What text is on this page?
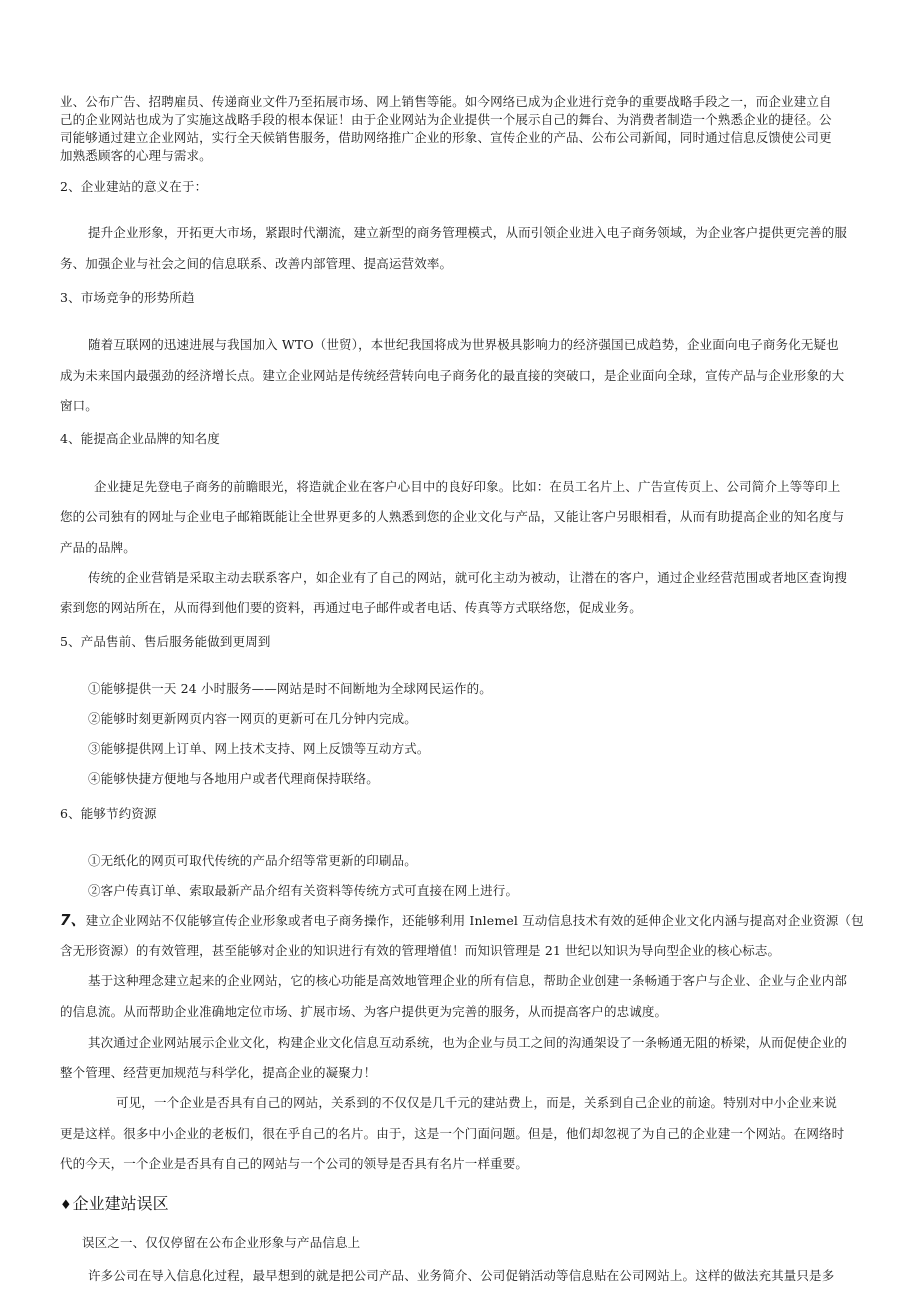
业、公布广告、招聘雇员、传递商业文件乃至拓展市场、网上销售等能。如今网络已成为企业进行竞争的重要战略手段之一，而企业建立自
己的企业网站也成为了实施这战略手段的根本保证！由于企业网站为企业提供一个展示自己的舞台、为消费者制造一个熟悉企业的捷径。公
司能够通过建立企业网站，实行全天候销售服务，借助网络推广企业的形象、宣传企业的产品、公布公司新闻，同时通过信息反馈使公司更
加熟悉顾客的心理与需求。
2、企业建站的意义在于：
提升企业形象，开拓更大市场，紧跟时代潮流，建立新型的商务管理模式，从而引领企业进入电子商务领域，为企业客户提供更完善的服
务、加强企业与社会之间的信息联系、改善内部管理、提高运营效率。
3、市场竞争的形势所趋
随着互联网的迅速进展与我国加入 WTO（世贸），本世纪我国将成为世界极具影响力的经济强国已成趋势，企业面向电子商务化无疑也
成为未来国内最强劲的经济增长点。建立企业网站是传统经营转向电子商务化的最直接的突破口，是企业面向全球，宣传产品与企业形象的大
窗口。
4、能提高企业品牌的知名度
企业捷足先登电子商务的前瞻眼光，将造就企业在客户心目中的良好印象。比如：在员工名片上、广告宣传页上、公司简介上等等印上
您的公司独有的网址与企业电子邮箱既能让全世界更多的人熟悉到您的企业文化与产品，又能让客户另眼相看，从而有助提高企业的知名度与
产品的品牌。
传统的企业营销是采取主动去联系客户，如企业有了自己的网站，就可化主动为被动，让潜在的客户，通过企业经营范围或者地区查询搜
索到您的网站所在，从而得到他们要的资料，再通过电子邮件或者电话、传真等方式联络您，促成业务。
5、产品售前、售后服务能做到更周到
①能够提供一天 24 小时服务——网站是时不间断地为全球网民运作的。
②能够时刻更新网页内容一网页的更新可在几分钟内完成。
③能够提供网上订单、网上技术支持、网上反馈等互动方式。
④能够快捷方便地与各地用户或者代理商保持联络。
6、能够节约资源
①无纸化的网页可取代传统的产品介绍等常更新的印刷品。
②客户传真订单、索取最新产品介绍有关资料等传统方式可直接在网上进行。
7、建立企业网站不仅能够宣传企业形象或者电子商务操作，还能够利用 Inlemel 互动信息技术有效的延伸企业文化内涵与提高对企业资源（包
含无形资源）的有效管理，甚至能够对企业的知识进行有效的管理增值！而知识管理是 21 世纪以知识为导向型企业的核心标志。
基于这种理念建立起来的企业网站，它的核心功能是高效地管理企业的所有信息，帮助企业创建一条畅通于客户与企业、企业与企业内部
的信息流。从而帮助企业准确地定位市场、扩展市场、为客户提供更为完善的服务，从而提高客户的忠诚度。
其次通过企业网站展示企业文化，构建企业文化信息互动系统，也为企业与员工之间的沟通架设了一条畅通无阻的桥梁，从而促使企业的
整个管理、经营更加规范与科学化，提高企业的凝聚力！
可见，一个企业是否具有自己的网站，关系到的不仅仅是几千元的建站费上，而是，关系到自己企业的前途。特别对中小企业来说
更是这样。很多中小企业的老板们，很在乎自己的名片。由于，这是一个门面问题。但是，他们却忽视了为自己的企业建一个网站。在网络时
代的今天，一个企业是否具有自己的网站与一个公司的领导是否具有名片一样重要。
♦企业建站误区
误区之一、仅仅停留在公布企业形象与产品信息上
许多公司在导入信息化过程，最早想到的就是把公司产品、业务简介、公司促销活动等信息贴在公司网站上。这样的做法充其量只是多
